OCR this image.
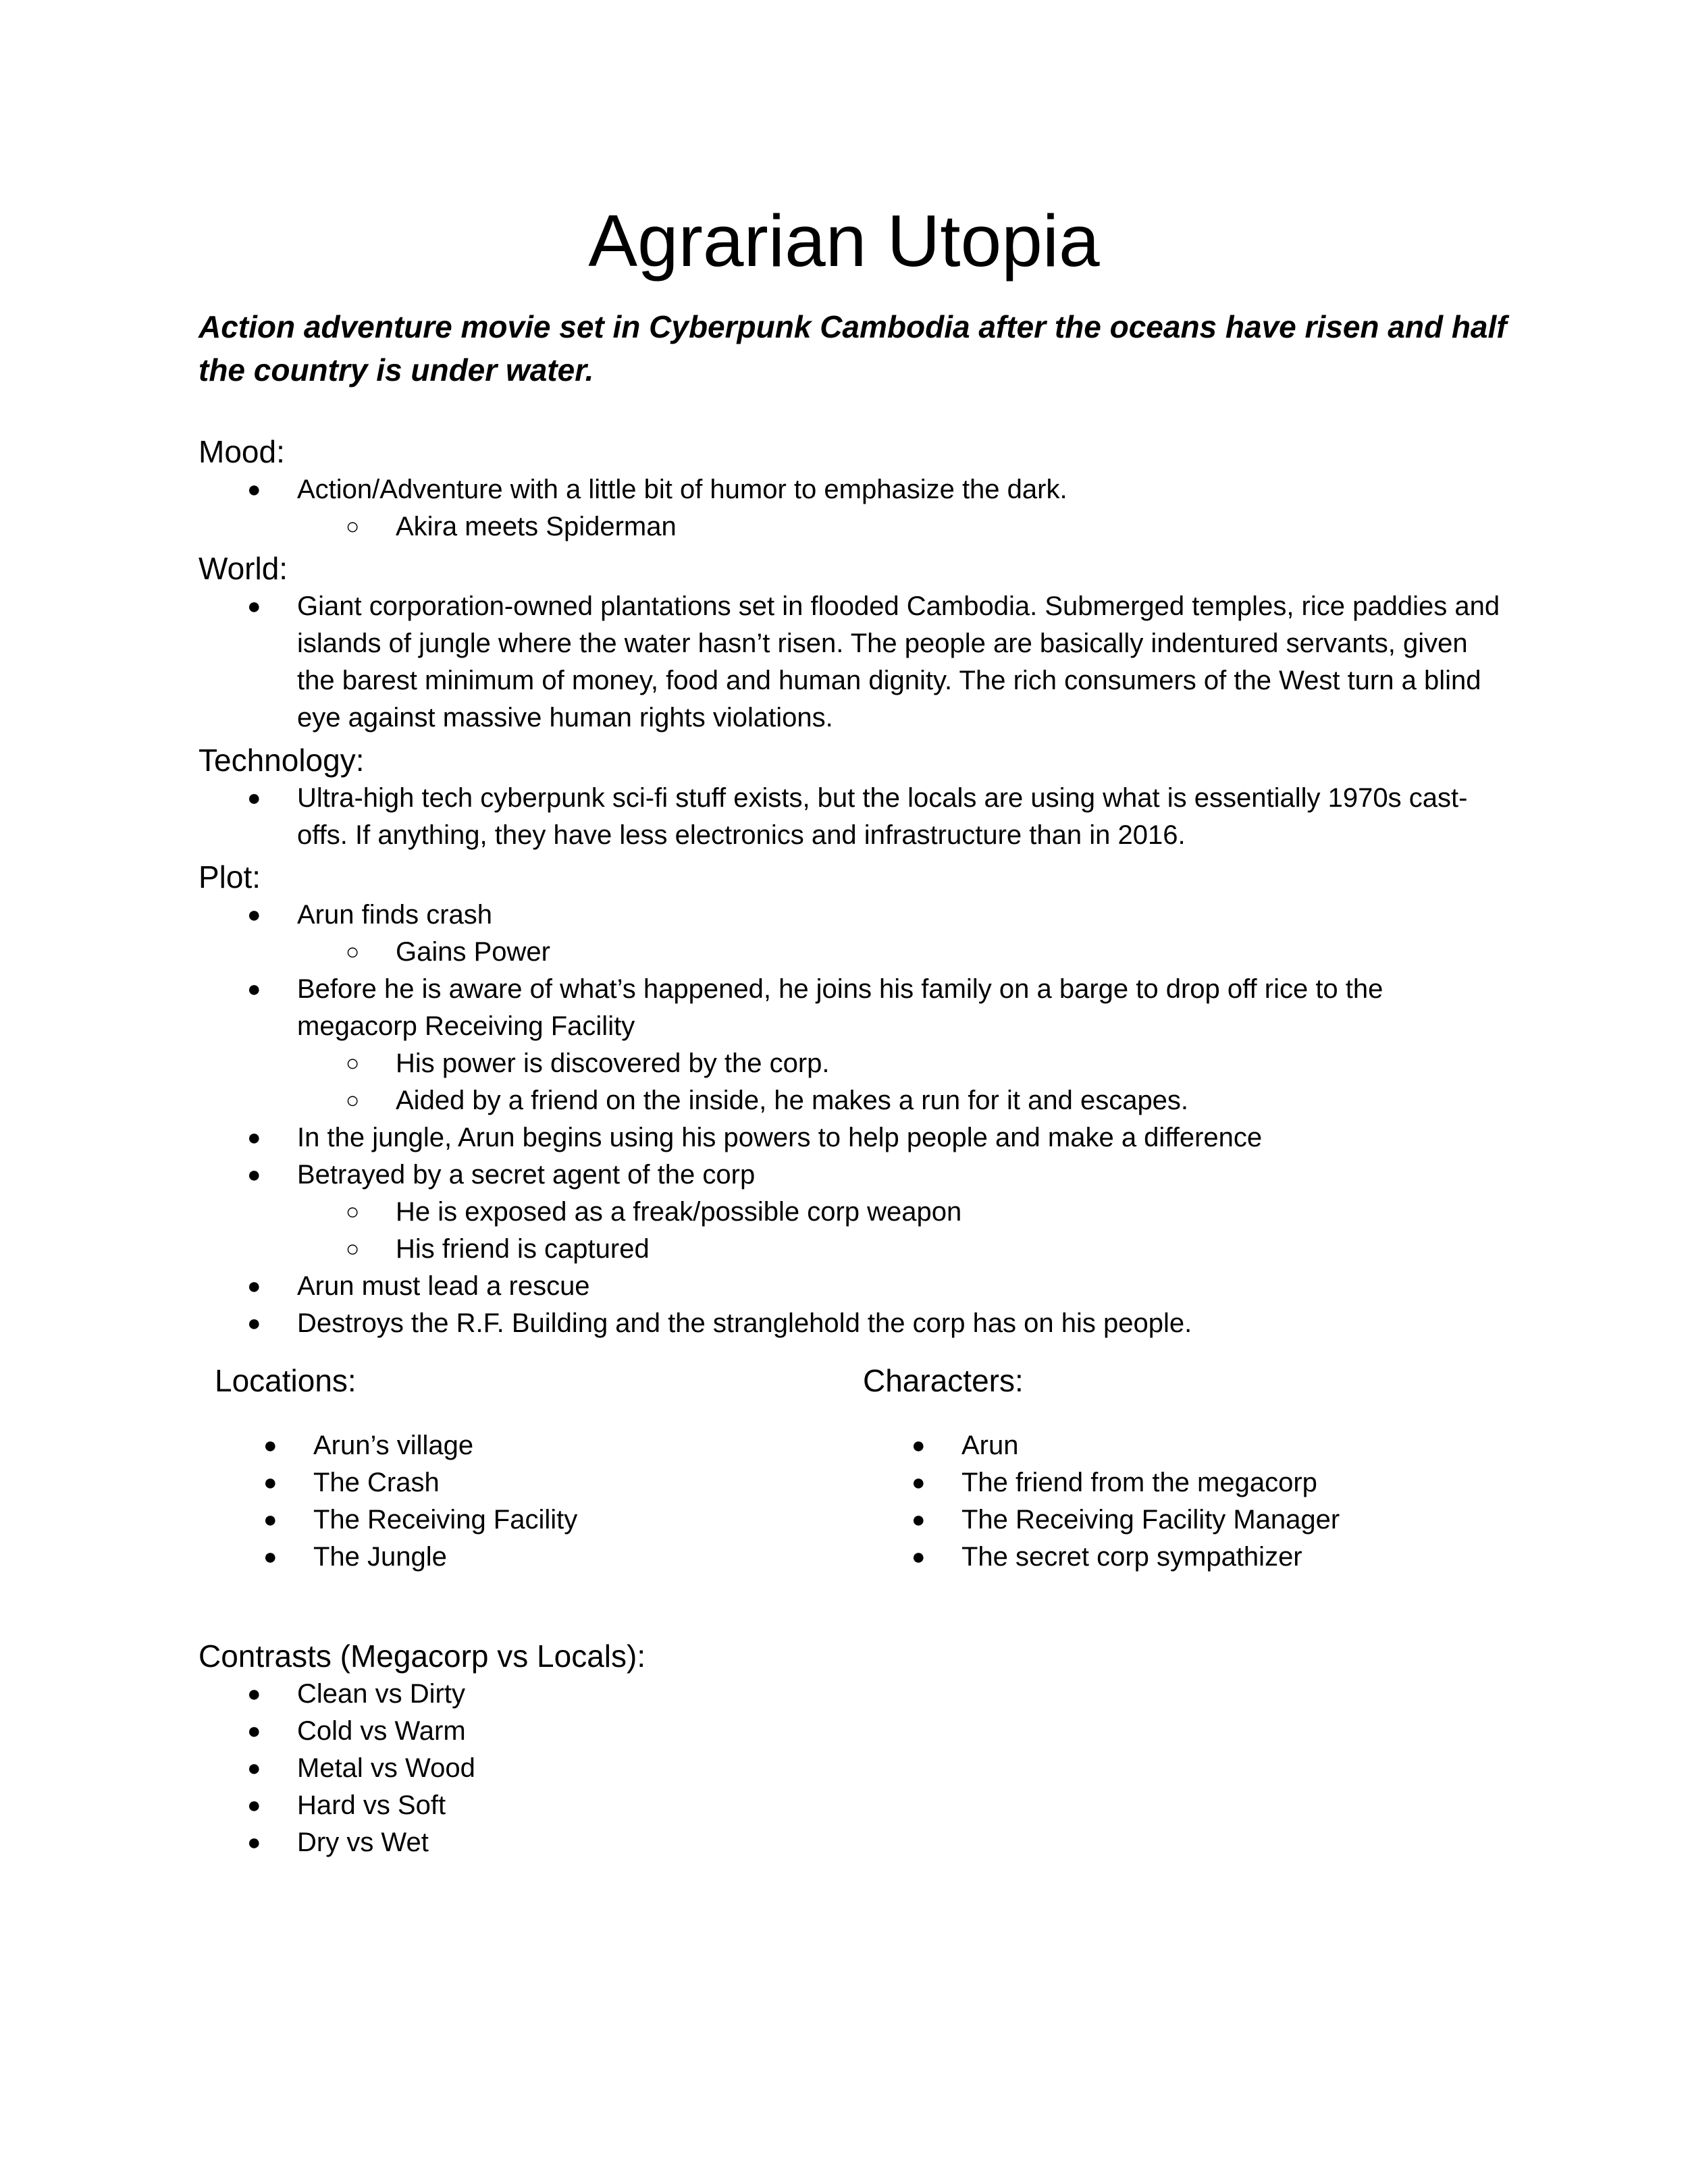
Agrarian Utopia

Action adventure movie set in Cyberpunk Cambodia after the oceans have risen and half the country is under water.

Mood:

●	Action/Adventure with a little bit of humor to emphasize the dark.
○	Akira meets Spiderman

World:

●	Giant corporation-owned plantations set in flooded Cambodia. Submerged temples, rice paddies and islands of jungle where the water hasn’t risen. The people are basically indentured servants, given the barest minimum of money, food and human dignity. The rich consumers of the West turn a blind eye against massive human rights violations.

Technology:

●	Ultra-high tech cyberpunk sci-fi stuff exists, but the locals are using what is essentially 1970s cast-offs. If anything, they have less electronics and infrastructure than in 2016.

Plot:

●	Arun finds crash
○	Gains Power
●	Before he is aware of what’s happened, he joins his family on a barge to drop off rice to the megacorp Receiving Facility
○	His power is discovered by the corp.
○	Aided by a friend on the inside, he makes a run for it and escapes.
●	In the jungle, Arun begins using his powers to help people and make a difference
●	Betrayed by a secret agent of the corp
○	He is exposed as a freak/possible corp weapon
○	His friend is captured
●	Arun must lead a rescue
●	Destroys the R.F. Building and the stranglehold the corp has on his people.

Locations:

●	Arun’s village
●	The Crash
●	The Receiving Facility
●	The Jungle

Characters:

●	Arun
●	The friend from the megacorp
●	The Receiving Facility Manager
●	The secret corp sympathizer

Contrasts (Megacorp vs Locals):

●	Clean vs Dirty
●	Cold vs Warm
●	Metal vs Wood
●	Hard vs Soft
●	Dry vs Wet
